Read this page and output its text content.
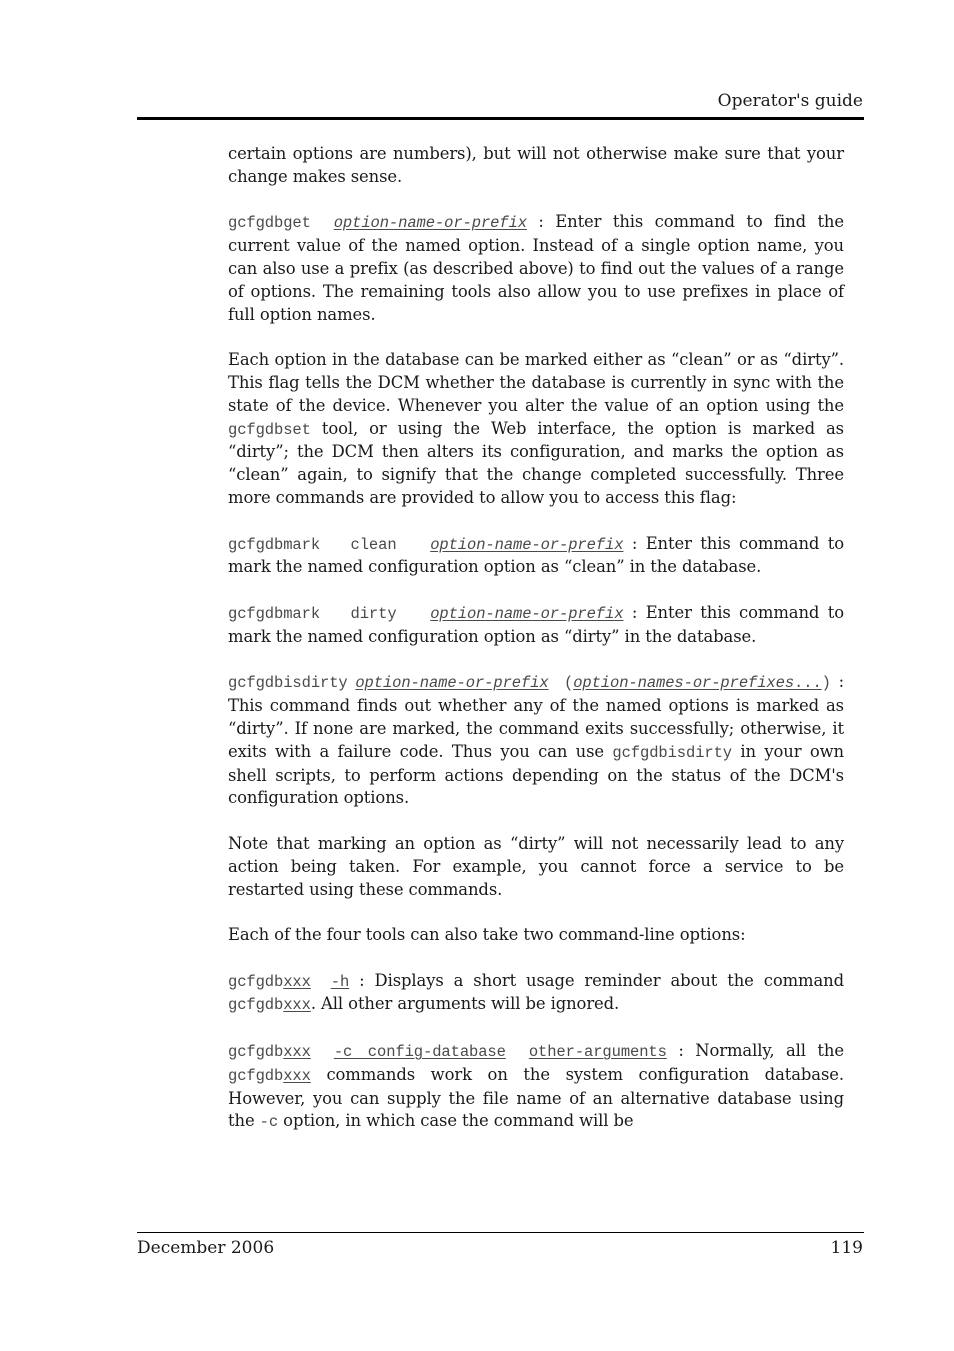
Operator's guide

certain options are numbers), but will not otherwise make sure that your change makes sense.

gcfgdbget option-name-or-prefix : Enter this command to find the current value of the named option. Instead of a single option name, you can also use a prefix (as described above) to find out the values of a range of options. The remaining tools also allow you to use prefixes in place of full option names.

Each option in the database can be marked either as “clean” or as “dirty”. This flag tells the DCM whether the database is currently in sync with the state of the device. Whenever you alter the value of an option using the gcfgdbset tool, or using the Web interface, the option is marked as “dirty”; the DCM then alters its configuration, and marks the option as “clean” again, to signify that the change completed successfully. Three more commands are provided to allow you to access this flag:

gcfgdbmark clean option-name-or-prefix : Enter this command to mark the named configuration option as “clean” in the database.

gcfgdbmark dirty option-name-or-prefix : Enter this command to mark the named configuration option as “dirty” in the database.

gcfgdbisdirty option-name-or-prefix (option-names-or-prefixes...) : This command finds out whether any of the named options is marked as “dirty”. If none are marked, the command exits successfully; otherwise, it exits with a failure code. Thus you can use gcfgdbisdirty in your own shell scripts, to perform actions depending on the status of the DCM's configuration options.

Note that marking an option as “dirty” will not necessarily lead to any action being taken. For example, you cannot force a service to be restarted using these commands.

Each of the four tools can also take two command-line options:

gcfgdbxxx -h : Displays a short usage reminder about the command gcfgdbxxx. All other arguments will be ignored.

gcfgdbxxx -c config-database other-arguments : Normally, all the gcfgdbxxx commands work on the system configuration database. However, you can supply the file name of an alternative database using the -c option, in which case the command will be

December 2006	119
